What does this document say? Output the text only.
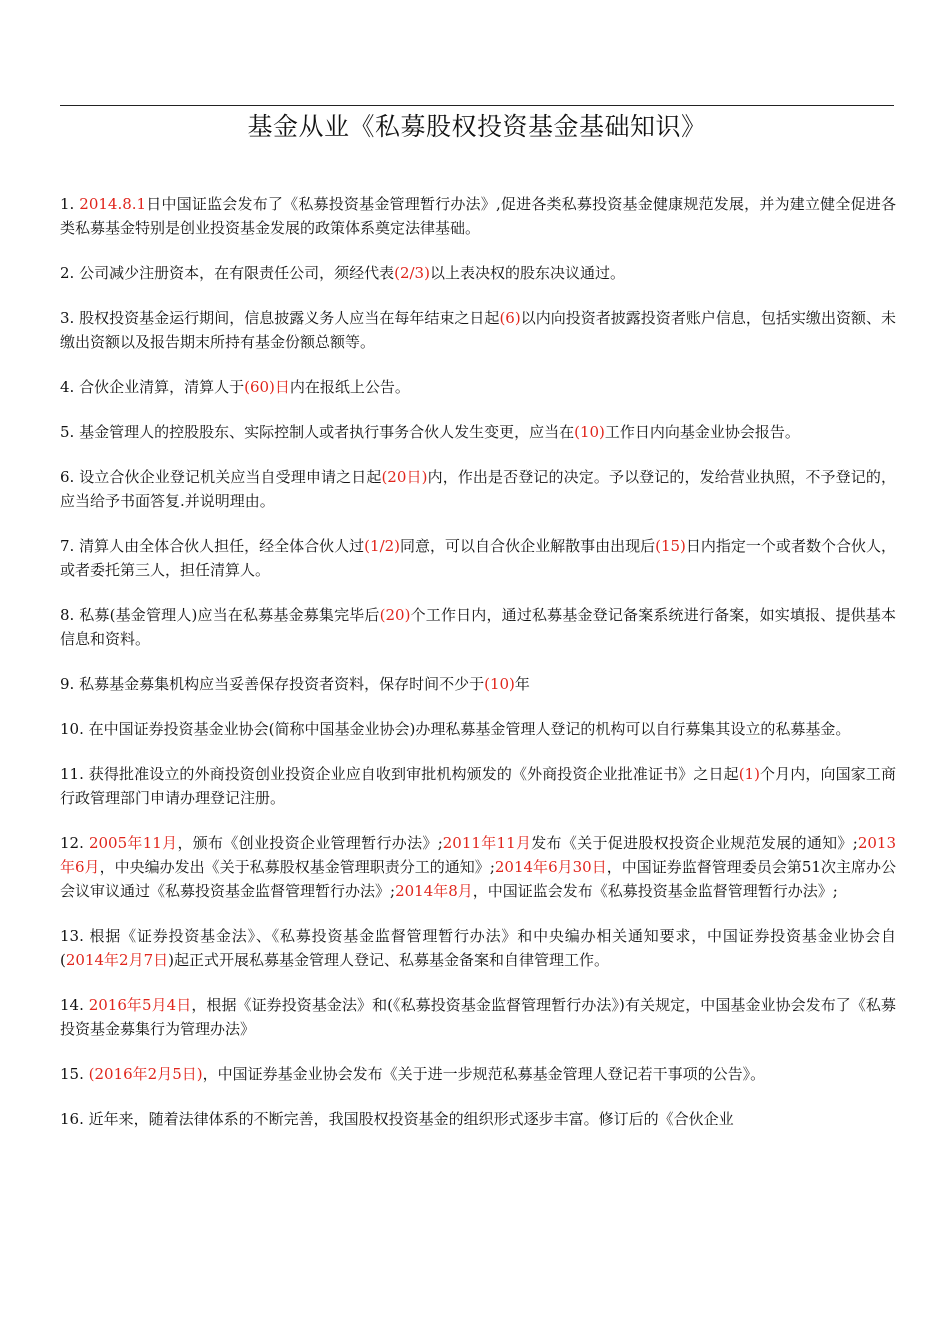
基金从业《私募股权投资基金基础知识》

1. 2014.8.1日中国证监会发布了《私募投资基金管理暂行办法》,促进各类私募投资基金健康规范发展，并为建立健全促进各类私募基金特别是创业投资基金发展的政策体系奠定法律基础。

2. 公司减少注册资本，在有限责任公司，须经代表(2/3)以上表决权的股东决议通过。

3. 股权投资基金运行期间，信息披露义务人应当在每年结束之日起(6)以内向投资者披露投资者账户信息，包括实缴出资额、未缴出资额以及报告期末所持有基金份额总额等。

4. 合伙企业清算，清算人于(60)日内在报纸上公告。

5. 基金管理人的控股股东、实际控制人或者执行事务合伙人发生变更，应当在(10)工作日内向基金业协会报告。

6. 设立合伙企业登记机关应当自受理申请之日起(20日)内，作出是否登记的决定。予以登记的，发给营业执照，不予登记的，应当给予书面答复.并说明理由。

7. 清算人由全体合伙人担任，经全体合伙人过(1/2)同意，可以自合伙企业解散事由出现后(15)日内指定一个或者数个合伙人，或者委托第三人，担任清算人。

8. 私募(基金管理人)应当在私募基金募集完毕后(20)个工作日内，通过私募基金登记备案系统进行备案，如实填报、提供基本信息和资料。

9. 私募基金募集机构应当妥善保存投资者资料，保存时间不少于(10)年

10. 在中国证券投资基金业协会(简称中国基金业协会)办理私募基金管理人登记的机构可以自行募集其设立的私募基金。

11. 获得批准设立的外商投资创业投资企业应自收到审批机构颁发的《外商投资企业批准证书》之日起(1)个月内，向国家工商行政管理部门申请办理登记注册。

12. 2005年11月，颁布《创业投资企业管理暂行办法》;2011年11月发布《关于促进股权投资企业规范发展的通知》;2013年6月，中央编办发出《关于私募股权基金管理职责分工的通知》;2014年6月30日，中国证券监督管理委员会第51次主席办公会议审议通过《私募投资基金监督管理暂行办法》;2014年8月，中国证监会发布《私募投资基金监督管理暂行办法》;

13. 根据《证券投资基金法》、《私募投资基金监督管理暂行办法》和中央编办相关通知要求，中国证券投资基金业协会自(2014年2月7日)起正式开展私募基金管理人登记、私募基金备案和自律管理工作。

14. 2016年5月4日，根据《证券投资基金法》和(《私募投资基金监督管理暂行办法》)有关规定，中国基金业协会发布了《私募投资基金募集行为管理办法》

15. (2016年2月5日)，中国证券基金业协会发布《关于进一步规范私募基金管理人登记若干事项的公告》。

16. 近年来，随着法律体系的不断完善，我国股权投资基金的组织形式逐步丰富。修订后的《合伙企业
